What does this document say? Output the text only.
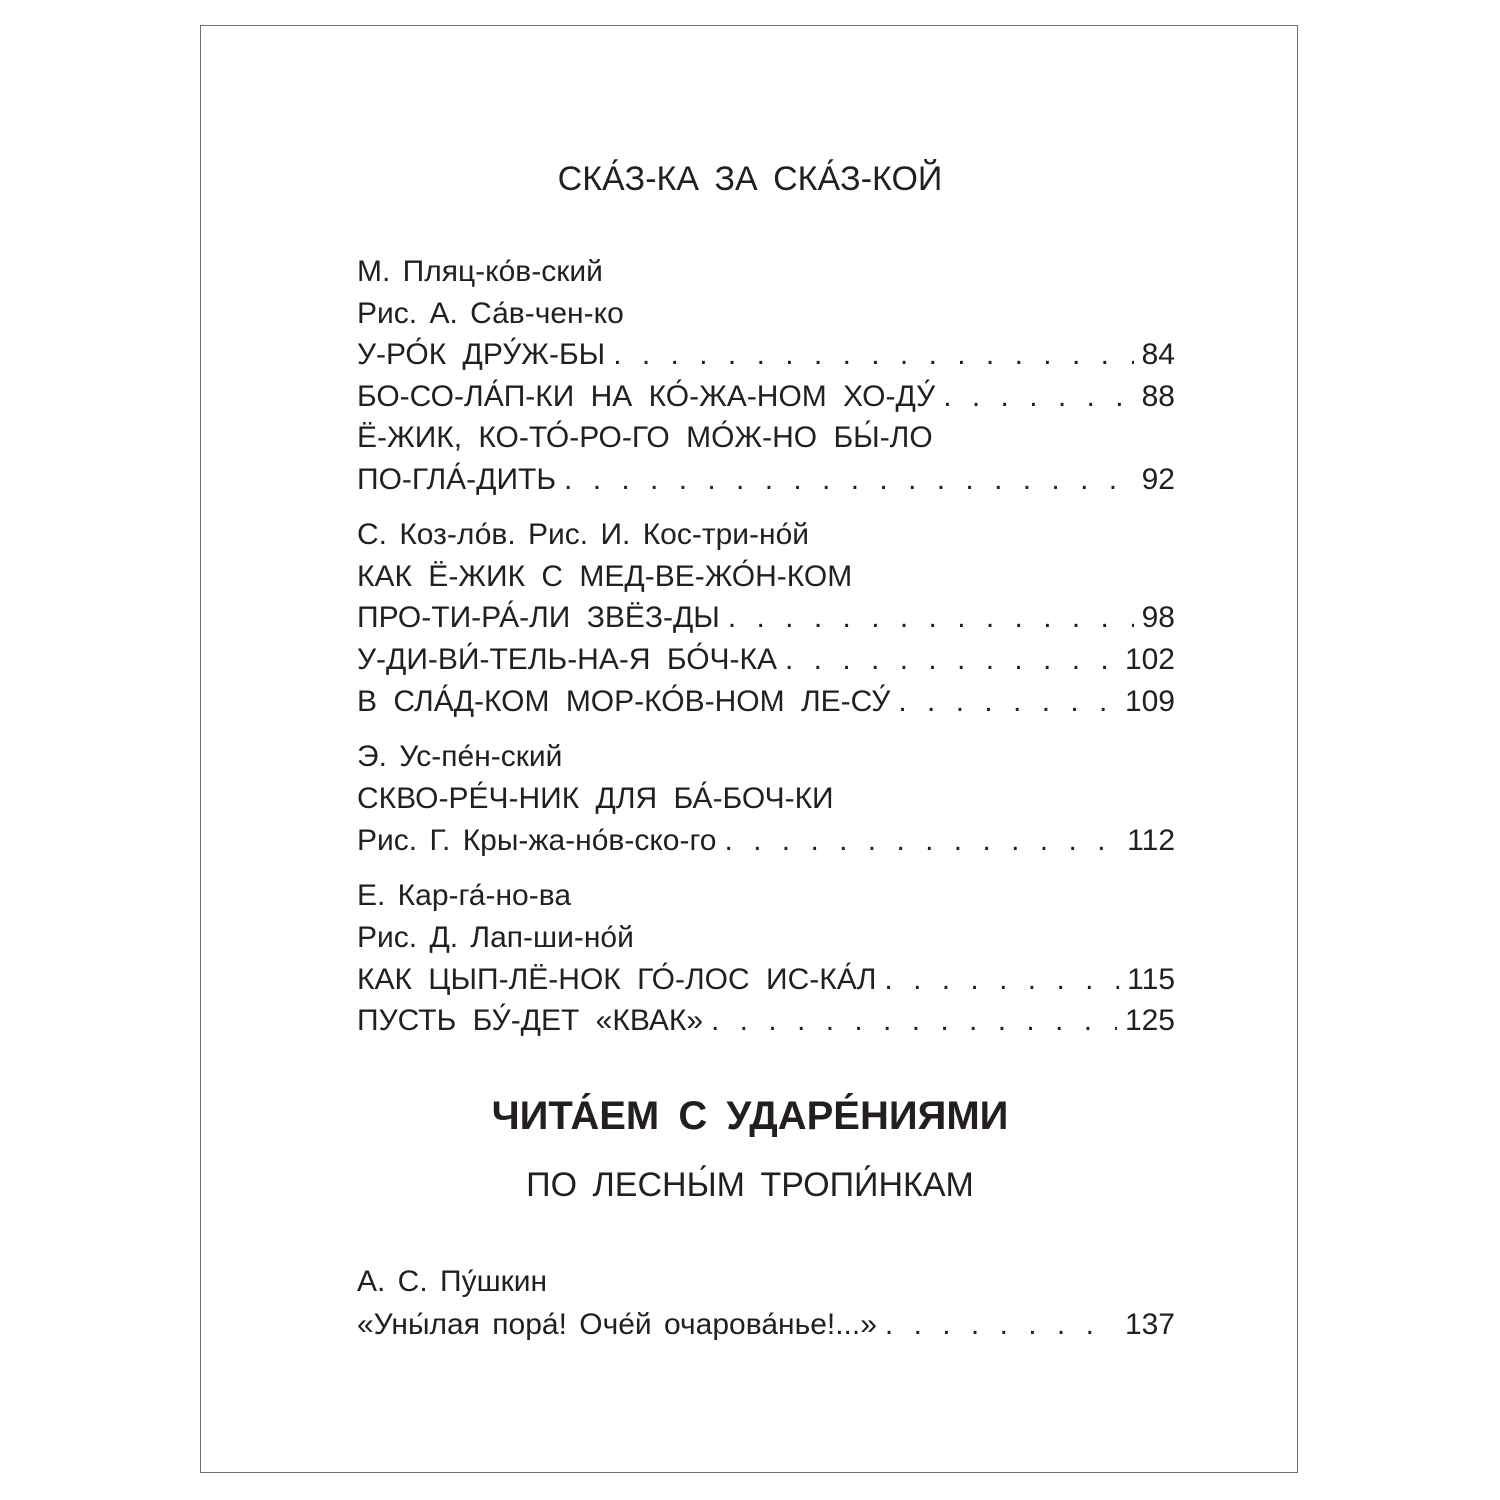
СКА́З-КА ЗА СКА́З-КОЙ
М. Пляц-ко́в-ский
Рис. А. Са́в-чен-ко
У-РО́К ДРУ́Ж-БЫ . . .	84
БО-СО-ЛА́П-КИ НА КО́-ЖА-НОМ ХО-ДУ́ . . .	88
Ё-ЖИК, КО-ТО́-РО-ГО МО́Ж-НО БЫ́-ЛО
ПО-ГЛА́-ДИТЬ . . .	92
С. Коз-ло́в. Рис. И. Кос-три-но́й
КАК Ё-ЖИК С МЕД-ВЕ-ЖО́Н-КОМ
ПРО-ТИ-РА́-ЛИ ЗВЁЗ-ДЫ . . .	98
У-ДИ-ВИ́-ТЕЛЬ-НА-Я БО́Ч-КА . . .	102
В СЛА́Д-КОМ МОР-КО́В-НОМ ЛЕ-СУ́ . . .	109
Э. Ус-пе́н-ский
СКВО-РЕ́Ч-НИК ДЛЯ БА́-БОЧ-КИ
Рис. Г. Кры-жа-но́в-ско-го . . .	112
Е. Кар-га́-но-ва
Рис. Д. Лап-ши-но́й
КАК ЦЫП-ЛЁ-НОК ГО́-ЛОС ИС-КА́Л . . .	115
ПУСТЬ БУ́-ДЕТ «КВАК» . . .	125
ЧИТА́ЕМ С УДАРЕ́НИЯМИ
ПО ЛЕСНЫ́М ТРОПИ́НКАМ
А. С. Пу́шкин
«Уны́лая пора́! Оче́й очарова́нье!...» . . .	137
